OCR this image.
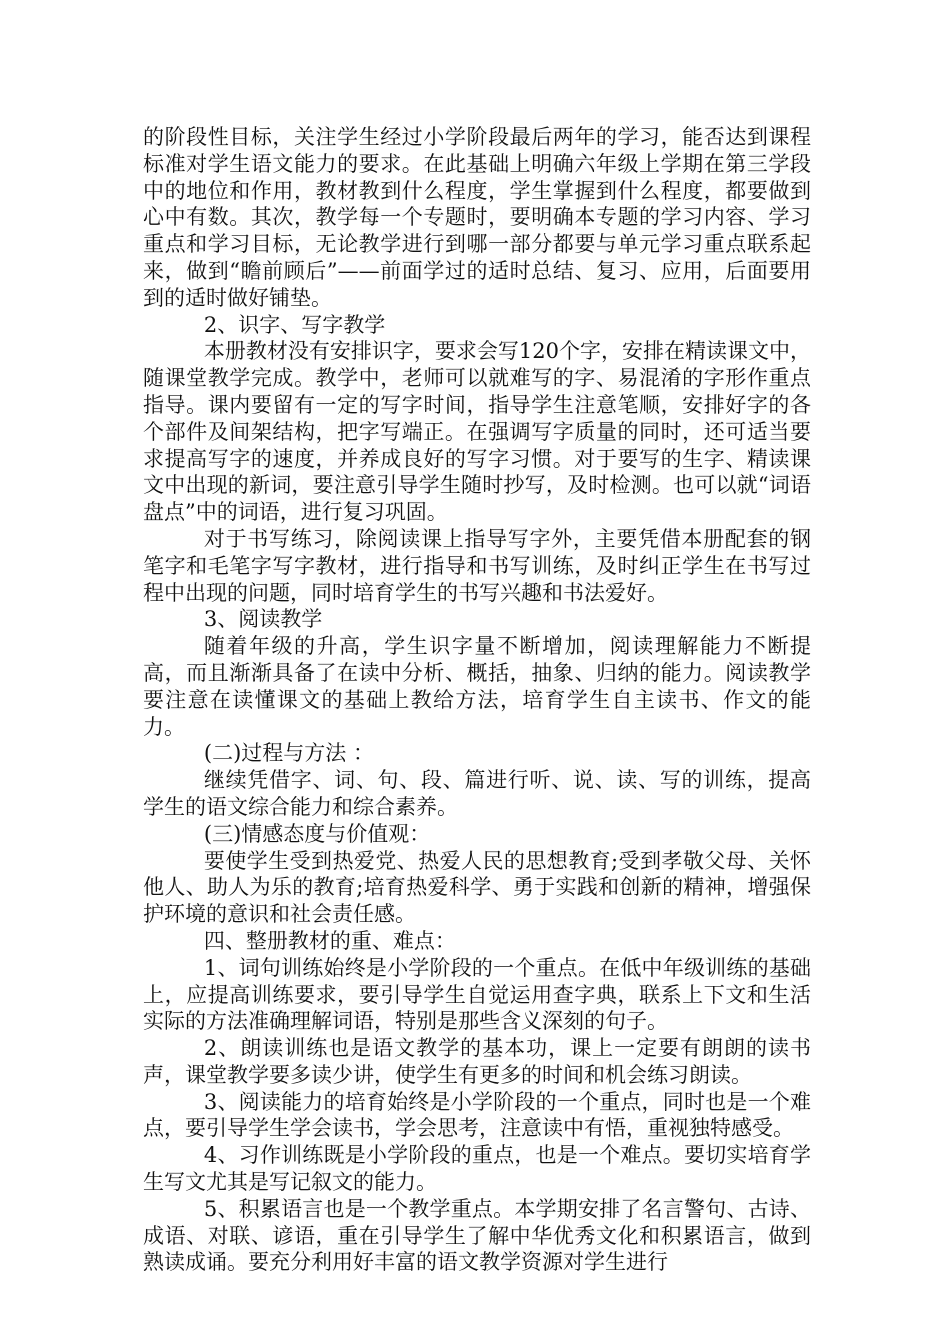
的阶段性目标，关注学生经过小学阶段最后两年的学习，能否达到课程标准对学生语文能力的要求。在此基础上明确六年级上学期在第三学段中的地位和作用，教材教到什么程度，学生掌握到什么程度，都要做到心中有数。其次，教学每一个专题时，要明确本专题的学习内容、学习重点和学习目标，无论教学进行到哪一部分都要与单元学习重点联系起来，做到“瞻前顾后”——前面学过的适时总结、复习、应用，后面要用到的适时做好铺垫。

2、识字、写字教学

本册教材没有安排识字，要求会写120个字，安排在精读课文中，随课堂教学完成。教学中，老师可以就难写的字、易混淆的字形作重点指导。课内要留有一定的写字时间，指导学生注意笔顺，安排好字的各个部件及间架结构，把字写端正。在强调写字质量的同时，还可适当要求提高写字的速度，并养成良好的写字习惯。对于要写的生字、精读课文中出现的新词，要注意引导学生随时抄写，及时检测。也可以就“词语盘点”中的词语，进行复习巩固。

对于书写练习，除阅读课上指导写字外，主要凭借本册配套的钢笔字和毛笔字写字教材，进行指导和书写训练，及时纠正学生在书写过程中出现的问题，同时培育学生的书写兴趣和书法爱好。

3、阅读教学

随着年级的升高，学生识字量不断增加，阅读理解能力不断提高，而且渐渐具备了在读中分析、概括，抽象、归纳的能力。阅读教学要注意在读懂课文的基础上教给方法，培育学生自主读书、作文的能力。

(二)过程与方法 ：

继续凭借字、词、句、段、篇进行听、说、读、写的训练，提高学生的语文综合能力和综合素养。

(三)情感态度与价值观：

要使学生受到热爱党、热爱人民的思想教育;受到孝敬父母、关怀他人、助人为乐的教育;培育热爱科学、勇于实践和创新的精神，增强保护环境的意识和社会责任感。

四、整册教材的重、难点：

1、词句训练始终是小学阶段的一个重点。在低中年级训练的基础上，应提高训练要求，要引导学生自觉运用查字典，联系上下文和生活实际的方法准确理解词语，特别是那些含义深刻的句子。

2、朗读训练也是语文教学的基本功，课上一定要有朗朗的读书声，课堂教学要多读少讲，使学生有更多的时间和机会练习朗读。

3、阅读能力的培育始终是小学阶段的一个重点，同时也是一个难点，要引导学生学会读书，学会思考，注意读中有悟，重视独特感受。

4、习作训练既是小学阶段的重点，也是一个难点。要切实培育学生写文尤其是写记叙文的能力。

5、积累语言也是一个教学重点。本学期安排了名言警句、古诗、成语、对联、谚语，重在引导学生了解中华优秀文化和积累语言，做到熟读成诵。要充分利用好丰富的语文教学资源对学生进行
